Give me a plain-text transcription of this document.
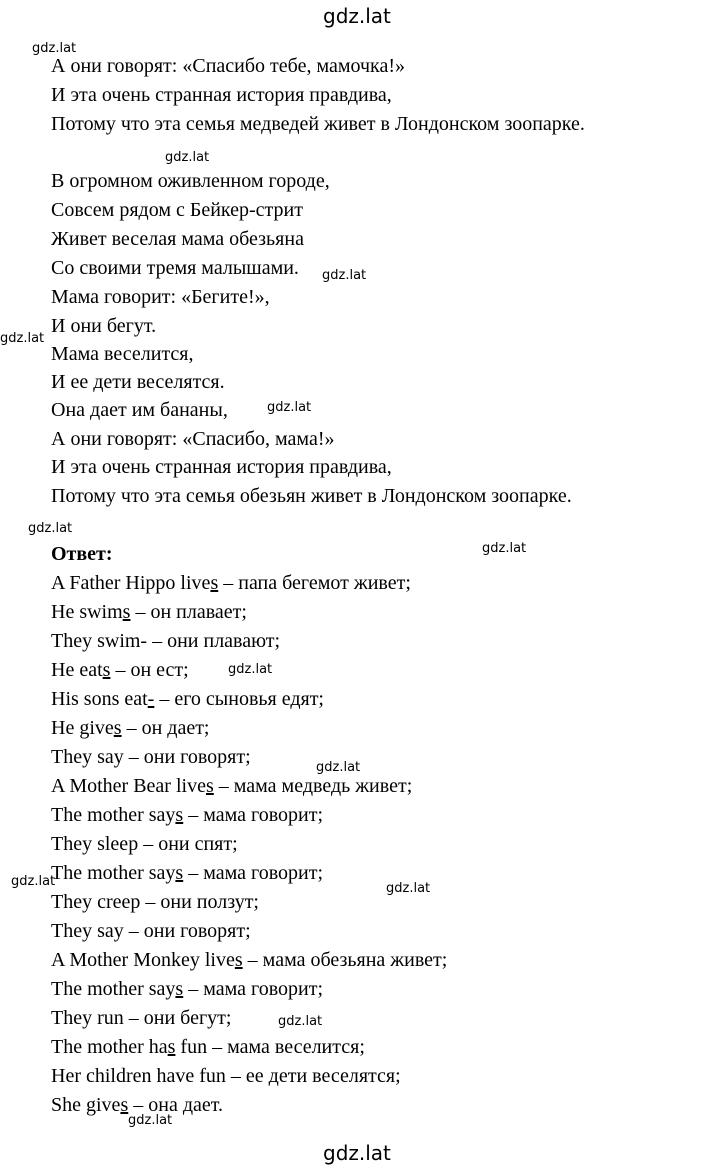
gdz.lat
gdz.lat
gdz.lat
gdz.lat
gdz.lat
gdz.lat
gdz.lat
gdz.lat
gdz.lat
gdz.lat
gdz.lat
gdz.lat	gdz.lat
gdz.lat
gdz.lat
А они говорят: «Спасибо тебе, мамочка!»
И эта очень странная история правдива,
Потому что эта семья медведей живет в Лондонском зоопарке.
В огромном оживленном городе,
Совсем рядом с Бейкер-стрит
Живет веселая мама обезьяна
Со своими тремя малышами.
Мама говорит: «Бегите!»,
И они бегут.
Мама веселится,
И ее дети веселятся.
Она дает им бананы,
А они говорят: «Спасибо, мама!»
И эта очень странная история правдива,
Потому что эта семья обезьян живет в Лондонском зоопарке.
Ответ:
A Father Hippo lives – папа бегемот живет;
He swims – он плавает;
They swim- – они плавают;
He eats – он ест;
His sons eat- – его сыновья едят;
He gives – он дает;
They say – они говорят;
A Mother Bear lives – мама медведь живет;
The mother says – мама говорит;
They sleep – они спят;
The mother says – мама говорит;
They creep – они ползут;
They say – они говорят;
A Mother Monkey lives – мама обезьяна живет;
The mother says – мама говорит;
They run – они бегут;
The mother has fun – мама веселится;
Her children have fun – ее дети веселятся;
She gives – она дает.
